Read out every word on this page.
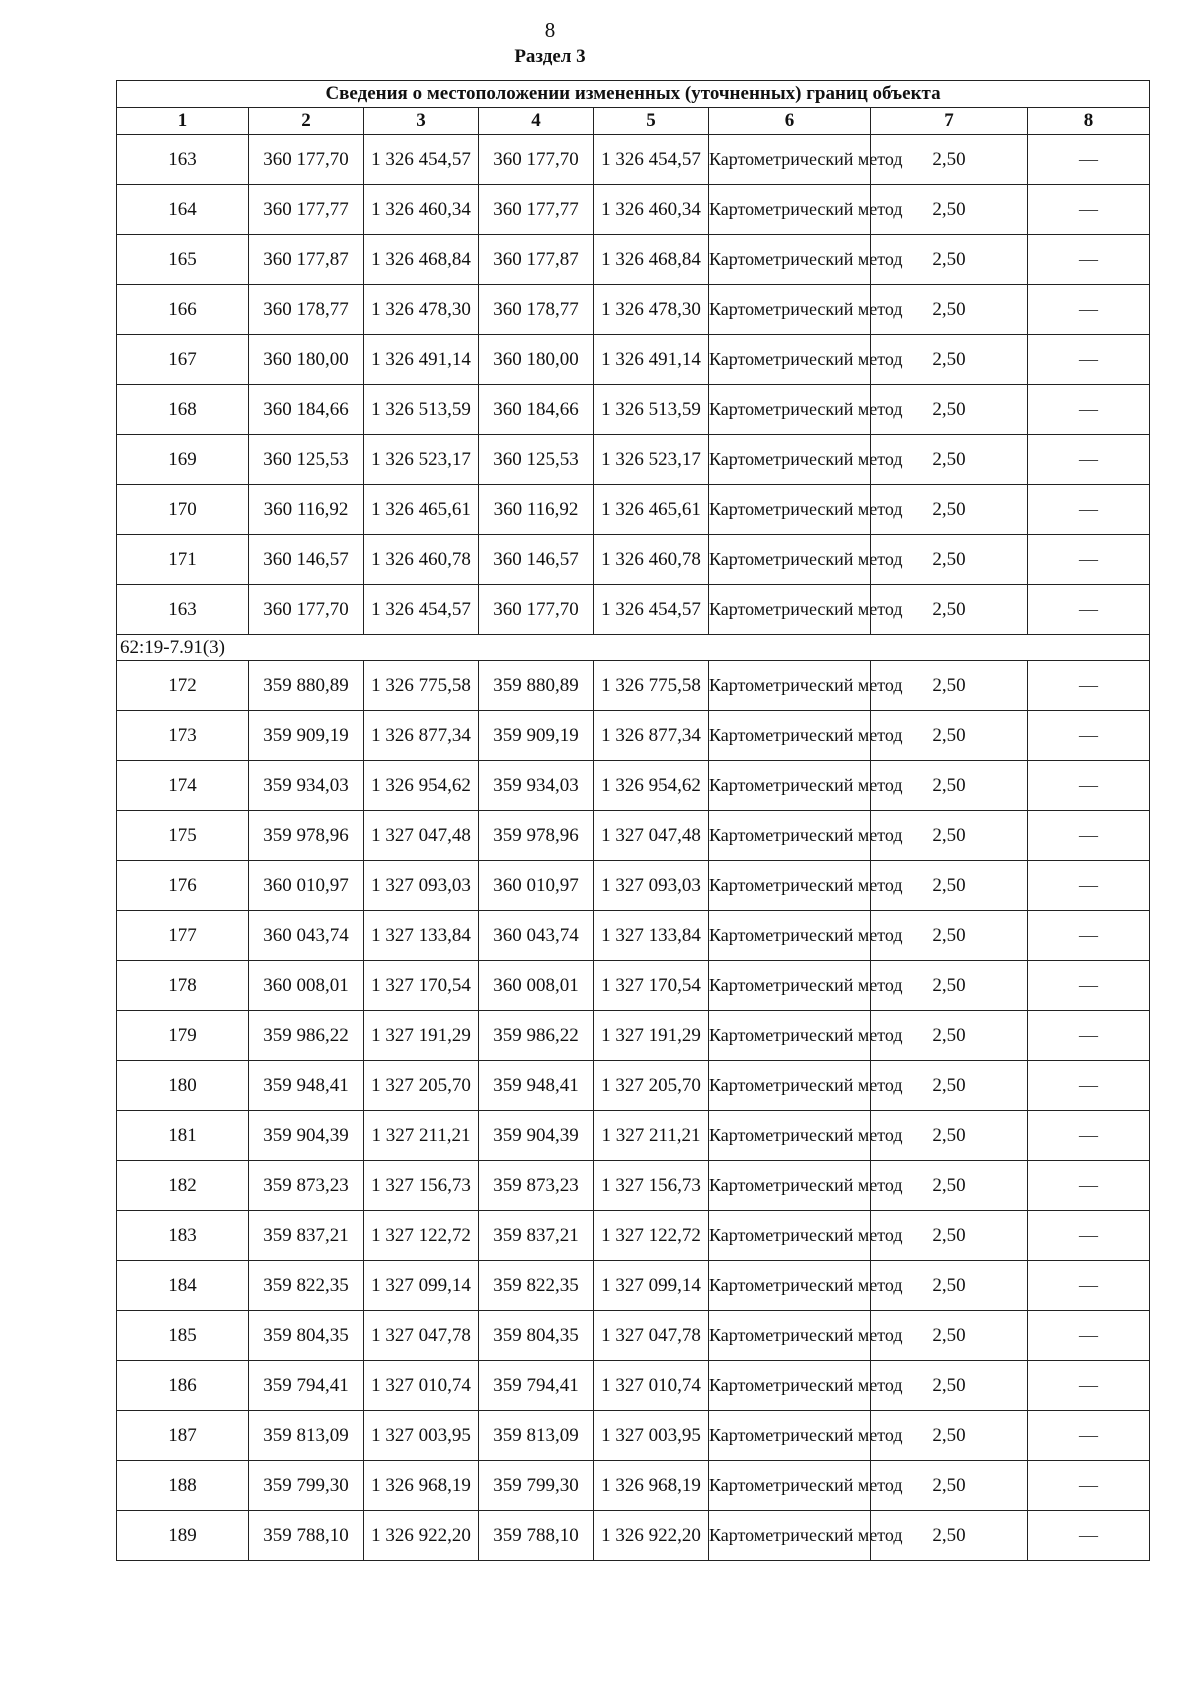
8
Раздел 3
Сведения о местоположении измененных (уточненных) границ объекта							
1	2	3	4	5	6	7	8
163	360 177,70	1 326 454,57	360 177,70	1 326 454,57	Картометрический метод	2,50	—
164	360 177,77	1 326 460,34	360 177,77	1 326 460,34	Картометрический метод	2,50	—
165	360 177,87	1 326 468,84	360 177,87	1 326 468,84	Картометрический метод	2,50	—
166	360 178,77	1 326 478,30	360 178,77	1 326 478,30	Картометрический метод	2,50	—
167	360 180,00	1 326 491,14	360 180,00	1 326 491,14	Картометрический метод	2,50	—
168	360 184,66	1 326 513,59	360 184,66	1 326 513,59	Картометрический метод	2,50	—
169	360 125,53	1 326 523,17	360 125,53	1 326 523,17	Картометрический метод	2,50	—
170	360 116,92	1 326 465,61	360 116,92	1 326 465,61	Картометрический метод	2,50	—
171	360 146,57	1 326 460,78	360 146,57	1 326 460,78	Картометрический метод	2,50	—
163	360 177,70	1 326 454,57	360 177,70	1 326 454,57	Картометрический метод	2,50	—
62:19-7.91(3)							
172	359 880,89	1 326 775,58	359 880,89	1 326 775,58	Картометрический метод	2,50	—
173	359 909,19	1 326 877,34	359 909,19	1 326 877,34	Картометрический метод	2,50	—
174	359 934,03	1 326 954,62	359 934,03	1 326 954,62	Картометрический метод	2,50	—
175	359 978,96	1 327 047,48	359 978,96	1 327 047,48	Картометрический метод	2,50	—
176	360 010,97	1 327 093,03	360 010,97	1 327 093,03	Картометрический метод	2,50	—
177	360 043,74	1 327 133,84	360 043,74	1 327 133,84	Картометрический метод	2,50	—
178	360 008,01	1 327 170,54	360 008,01	1 327 170,54	Картометрический метод	2,50	—
179	359 986,22	1 327 191,29	359 986,22	1 327 191,29	Картометрический метод	2,50	—
180	359 948,41	1 327 205,70	359 948,41	1 327 205,70	Картометрический метод	2,50	—
181	359 904,39	1 327 211,21	359 904,39	1 327 211,21	Картометрический метод	2,50	—
182	359 873,23	1 327 156,73	359 873,23	1 327 156,73	Картометрический метод	2,50	—
183	359 837,21	1 327 122,72	359 837,21	1 327 122,72	Картометрический метод	2,50	—
184	359 822,35	1 327 099,14	359 822,35	1 327 099,14	Картометрический метод	2,50	—
185	359 804,35	1 327 047,78	359 804,35	1 327 047,78	Картометрический метод	2,50	—
186	359 794,41	1 327 010,74	359 794,41	1 327 010,74	Картометрический метод	2,50	—
187	359 813,09	1 327 003,95	359 813,09	1 327 003,95	Картометрический метод	2,50	—
188	359 799,30	1 326 968,19	359 799,30	1 326 968,19	Картометрический метод	2,50	—
189	359 788,10	1 326 922,20	359 788,10	1 326 922,20	Картометрический метод	2,50	—
